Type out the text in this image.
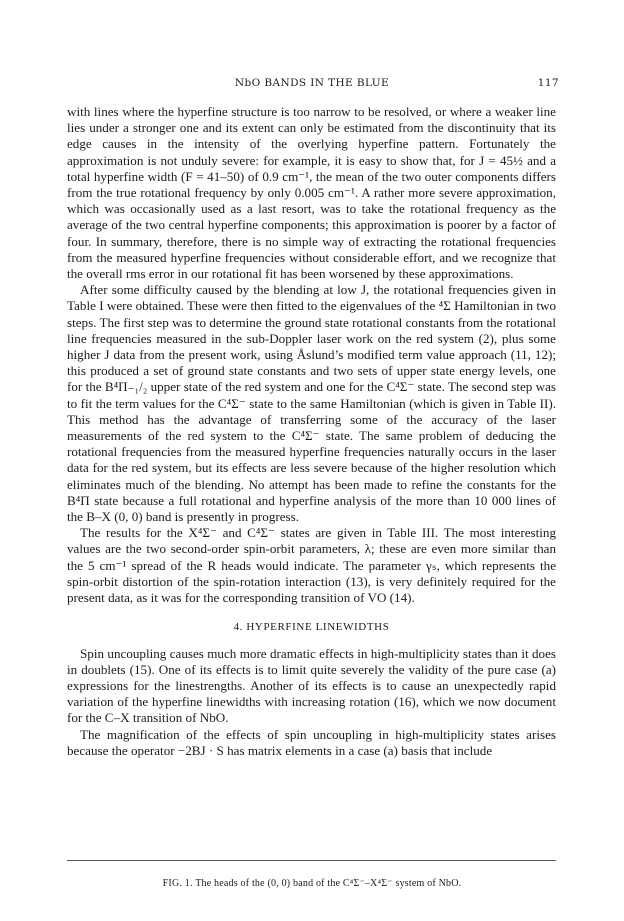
NbO BANDS IN THE BLUE	117

with lines where the hyperfine structure is too narrow to be resolved, or where a weaker line lies under a stronger one and its extent can only be estimated from the discontinuity that its edge causes in the intensity of the overlying hyperfine pattern. Fortunately the approximation is not unduly severe: for example, it is easy to show that, for J = 45½ and a total hyperfine width (F = 41–50) of 0.9 cm⁻¹, the mean of the two outer components differs from the true rotational frequency by only 0.005 cm⁻¹. A rather more severe approximation, which was occasionally used as a last resort, was to take the rotational frequency as the average of the two central hyperfine components; this approximation is poorer by a factor of four. In summary, therefore, there is no simple way of extracting the rotational frequencies from the measured hyperfine frequencies without considerable effort, and we recognize that the overall rms error in our rotational fit has been worsened by these approximations.

After some difficulty caused by the blending at low J, the rotational frequencies given in Table I were obtained. These were then fitted to the eigenvalues of the ⁴Σ Hamiltonian in two steps. The first step was to determine the ground state rotational constants from the rotational line frequencies measured in the sub-Doppler laser work on the red system (2), plus some higher J data from the present work, using Åslund’s modified term value approach (11, 12); this produced a set of ground state constants and two sets of upper state energy levels, one for the B⁴Π₋₁/₂ upper state of the red system and one for the C⁴Σ⁻ state. The second step was to fit the term values for the C⁴Σ⁻ state to the same Hamiltonian (which is given in Table II). This method has the advantage of transferring some of the accuracy of the laser measurements of the red system to the C⁴Σ⁻ state. The same problem of deducing the rotational frequencies from the measured hyperfine frequencies naturally occurs in the laser data for the red system, but its effects are less severe because of the higher resolution which eliminates much of the blending. No attempt has been made to refine the constants for the B⁴Π state because a full rotational and hyperfine analysis of the more than 10 000 lines of the B–X (0, 0) band is presently in progress.

The results for the X⁴Σ⁻ and C⁴Σ⁻ states are given in Table III. The most interesting values are the two second-order spin-orbit parameters, λ; these are even more similar than the 5 cm⁻¹ spread of the R heads would indicate. The parameter γₛ, which represents the spin-orbit distortion of the spin-rotation interaction (13), is very definitely required for the present data, as it was for the corresponding transition of VO (14).

4. HYPERFINE LINEWIDTHS

Spin uncoupling causes much more dramatic effects in high-multiplicity states than it does in doublets (15). One of its effects is to limit quite severely the validity of the pure case (a) expressions for the linestrengths. Another of its effects is to cause an unexpectedly rapid variation of the hyperfine linewidths with increasing rotation (16), which we now document for the C–X transition of NbO.

The magnification of the effects of spin uncoupling in high-multiplicity states arises because the operator −2BJ · S has matrix elements in a case (a) basis that include

FIG. 1. The heads of the (0, 0) band of the C⁴Σ⁻–X⁴Σ⁻ system of NbO.
